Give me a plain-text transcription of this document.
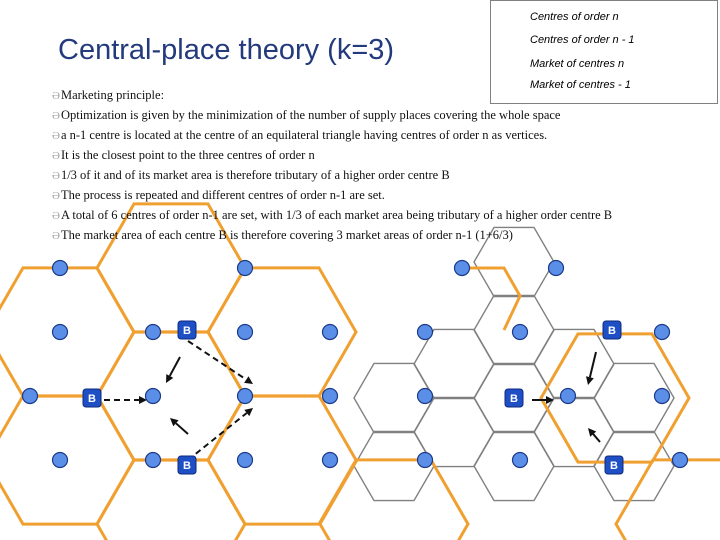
B
B
B
B
B
B
Central-place theory (k=3)
Centres of order n
Centres of order n - 1
Market of centres n
Market of centres - 1

ƏMarketing principle:

ƏOptimization is given by the minimization of the number of supply places covering the whole space

Əa n-1 centre is located at the centre of an equilateral triangle having centres of order n as vertices.

ƏIt is the closest point to the three centres of order n

Ə1/3 of it and of its market area is therefore tributary of a higher order centre B

ƏThe process is repeated and different centres of order n-1 are set.

ƏA total of 6 centres of order n-1 are set, with 1/3 of each market area being tributary of a higher order centre B

ƏThe market area of each centre B is therefore covering 3 market areas of order n-1 (1+6/3)
